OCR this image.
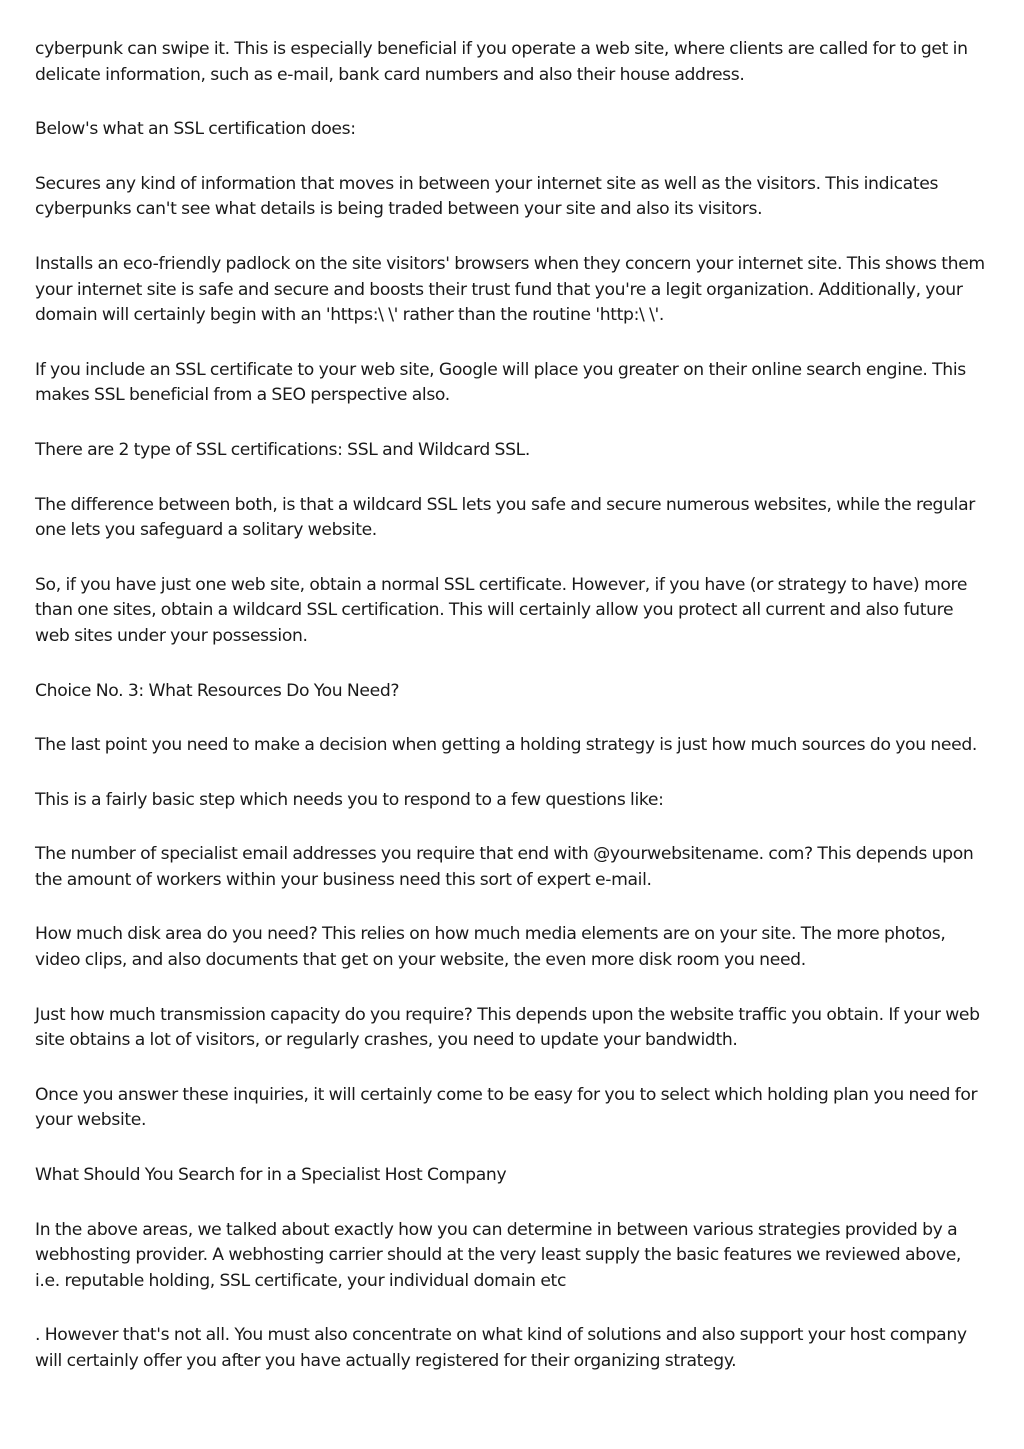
cyberpunk can swipe it. This is especially beneficial if you operate a web site, where clients are called for to get in delicate information, such as e-mail, bank card numbers and also their house address.

Below's what an SSL certification does:

Secures any kind of information that moves in between your internet site as well as the visitors. This indicates cyberpunks can't see what details is being traded between your site and also its visitors.

Installs an eco-friendly padlock on the site visitors' browsers when they concern your internet site. This shows them your internet site is safe and secure and boosts their trust fund that you're a legit organization. Additionally, your domain will certainly begin with an 'https:\ \' rather than the routine 'http:\ \'.

If you include an SSL certificate to your web site, Google will place you greater on their online search engine. This makes SSL beneficial from a SEO perspective also.

There are 2 type of SSL certifications: SSL and Wildcard SSL.

The difference between both, is that a wildcard SSL lets you safe and secure numerous websites, while the regular one lets you safeguard a solitary website.

So, if you have just one web site, obtain a normal SSL certificate. However, if you have (or strategy to have) more than one sites, obtain a wildcard SSL certification. This will certainly allow you protect all current and also future web sites under your possession.

Choice No. 3: What Resources Do You Need?

The last point you need to make a decision when getting a holding strategy is just how much sources do you need.

This is a fairly basic step which needs you to respond to a few questions like:

The number of specialist email addresses you require that end with @yourwebsitename. com? This depends upon the amount of workers within your business need this sort of expert e-mail.

How much disk area do you need? This relies on how much media elements are on your site. The more photos, video clips, and also documents that get on your website, the even more disk room you need.

Just how much transmission capacity do you require? This depends upon the website traffic you obtain. If your web site obtains a lot of visitors, or regularly crashes, you need to update your bandwidth.

Once you answer these inquiries, it will certainly come to be easy for you to select which holding plan you need for your website.

What Should You Search for in a Specialist Host Company

In the above areas, we talked about exactly how you can determine in between various strategies provided by a webhosting provider. A webhosting carrier should at the very least supply the basic features we reviewed above, i.e. reputable holding, SSL certificate, your individual domain etc

. However that's not all. You must also concentrate on what kind of solutions and also support your host company will certainly offer you after you have actually registered for their organizing strategy.
